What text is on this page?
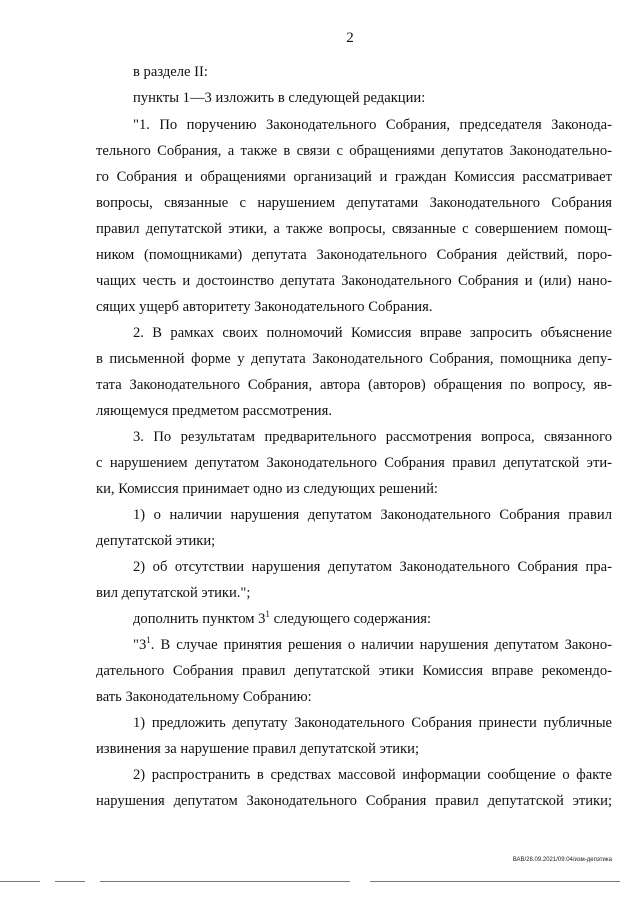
2
в разделе II:
пункты 1—3 изложить в следующей редакции:
"1. По поручению Законодательного Собрания, председателя Законода-
тельного Собрания, а также в связи с обращениями депутатов Законодательно-
го Собрания и обращениями организаций и граждан Комиссия рассматривает
вопросы, связанные с нарушением депутатами Законодательного Собрания
правил депутатской этики, а также вопросы, связанные с совершением помощ-
ником (помощниками) депутата Законодательного Собрания действий, поро-
чащих честь и достоинство депутата Законодательного Собрания и (или) нано-
сящих ущерб авторитету Законодательного Собрания.
2. В рамках своих полномочий Комиссия вправе запросить объяснение
в письменной форме у депутата Законодательного Собрания, помощника депу-
тата Законодательного Собрания, автора (авторов) обращения по вопросу, яв-
ляющемуся предметом рассмотрения.
3. По результатам предварительного рассмотрения вопроса, связанного
с нарушением депутатом Законодательного Собрания правил депутатской эти-
ки, Комиссия принимает одно из следующих решений:
1) о наличии нарушения депутатом Законодательного Собрания правил
депутатской этики;
2) об отсутствии нарушения депутатом Законодательного Собрания пра-
вил депутатской этики.";
дополнить пунктом $3^1$ следующего содержания:
"$3^1$. В случае принятия решения о наличии нарушения депутатом Законо-
дательного Собрания правил депутатской этики Комиссия вправе рекомендо-
вать Законодательному Собранию:
1) предложить депутату Законодательного Собрания принести публичные
извинения за нарушение правил депутатской этики;
2) распространить в средствах массовой информации сообщение о факте
нарушения депутатом Законодательного Собрания правил депутатской этики;
ВАВ/28.09.2021/09:04/изм-депэтика
